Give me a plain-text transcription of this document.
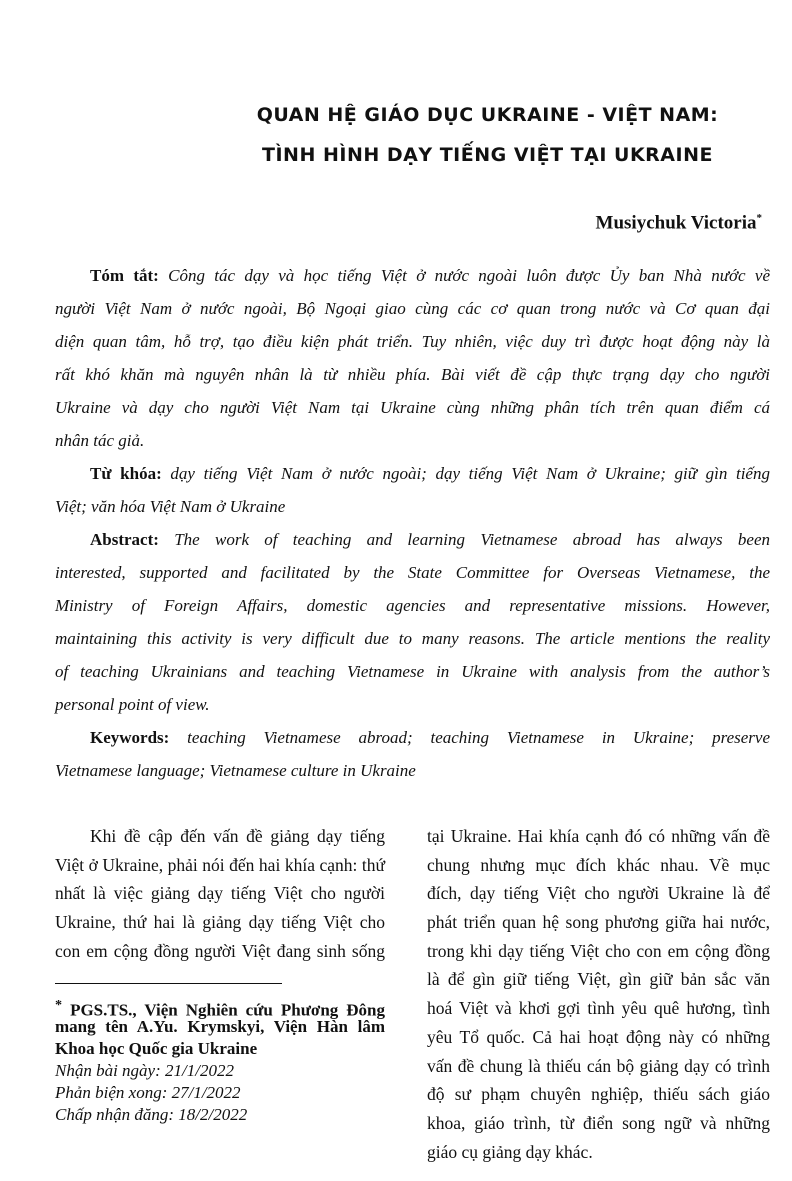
QUAN HỆ GIÁO DỤC UKRAINE - VIỆT NAM:
TÌNH HÌNH DẠY TIẾNG VIỆT TẠI UKRAINE
Musiychuk Victoria*
Tóm tắt: Công tác dạy và học tiếng Việt ở nước ngoài luôn được Ủy ban Nhà nước về
người Việt Nam ở nước ngoài, Bộ Ngoại giao cùng các cơ quan trong nước và Cơ quan đại
diện quan tâm, hỗ trợ, tạo điều kiện phát triển. Tuy nhiên, việc duy trì được hoạt động này là
rất khó khăn mà nguyên nhân là từ nhiều phía. Bài viết đề cập thực trạng dạy cho người
Ukraine và dạy cho người Việt Nam tại Ukraine cùng những phân tích trên quan điểm cá
nhân tác giả.
Từ khóa: dạy tiếng Việt Nam ở nước ngoài; dạy tiếng Việt Nam ở Ukraine; giữ gìn tiếng
Việt; văn hóa Việt Nam ở Ukraine
Abstract: The work of teaching and learning Vietnamese abroad has always been
interested, supported and facilitated by the State Committee for Overseas Vietnamese, the
Ministry of Foreign Affairs, domestic agencies and representative missions. However,
maintaining this activity is very difficult due to many reasons. The article mentions the reality
of teaching Ukrainians and teaching Vietnamese in Ukraine with analysis from the author’s
personal point of view.
Keywords: teaching Vietnamese abroad; teaching Vietnamese in Ukraine; preserve
Vietnamese language; Vietnamese culture in Ukraine
Khi đề cập đến vấn đề giảng dạy tiếng
Việt ở Ukraine, phải nói đến hai khía cạnh: thứ
nhất là việc giảng dạy tiếng Việt cho người
Ukraine, thứ hai là giảng dạy tiếng Việt cho
con em cộng đồng người Việt đang sinh sống
tại Ukraine. Hai khía cạnh đó có những vấn đề
chung nhưng mục đích khác nhau. Về mục
đích, dạy tiếng Việt cho người Ukraine là để
phát triển quan hệ song phương giữa hai nước,
trong khi dạy tiếng Việt cho con em cộng đồng
là để gìn giữ tiếng Việt, gìn giữ bản sắc văn
hoá Việt và khơi gợi tình yêu quê hương, tình
yêu Tổ quốc. Cả hai hoạt động này có những
vấn đề chung là thiếu cán bộ giảng dạy có trình
độ sư phạm chuyên nghiệp, thiếu sách giáo
khoa, giáo trình, từ điển song ngữ và những
giáo cụ giảng dạy khác.
* PGS.TS., Viện Nghiên cứu Phương Đông
mang tên A.Yu. Krymskyi, Viện Hàn lâm
Khoa học Quốc gia Ukraine
Nhận bài ngày: 21/1/2022
Phản biện xong: 27/1/2022
Chấp nhận đăng: 18/2/2022
